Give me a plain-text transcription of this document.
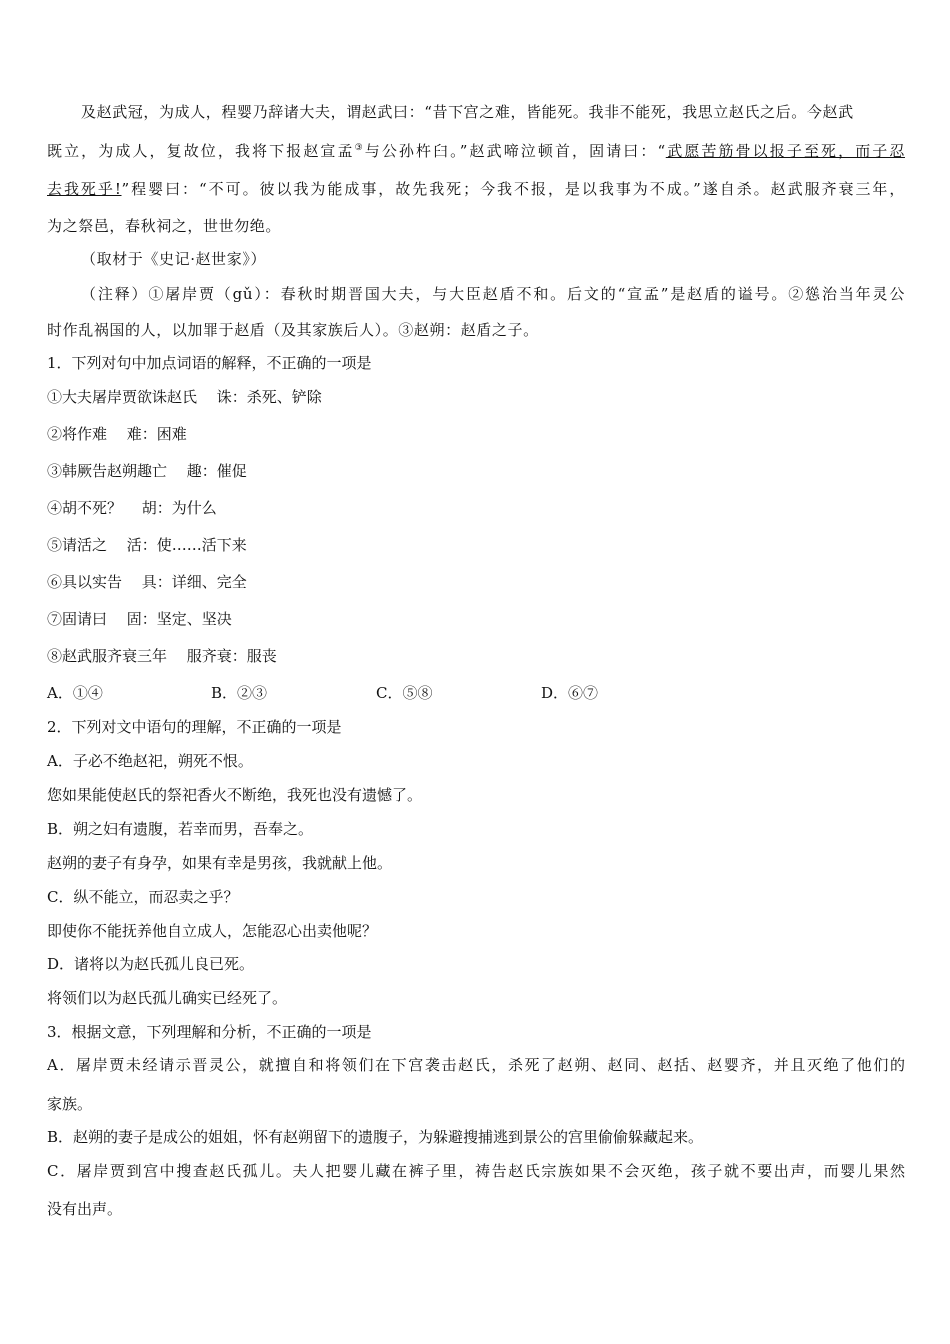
及赵武冠，为成人，程婴乃辞诸大夫，谓赵武曰：“昔下宫之难，皆能死。我非不能死，我思立赵氏之后。今赵武
既立，为成人，复故位，我将下报赵宣孟③与公孙杵臼。”赵武啼泣顿首，固请曰：“武愿苦筋骨以报子至死，而子忍
去我死乎!”程婴曰：“不可。彼以我为能成事，故先我死；今我不报，是以我事为不成。”遂自杀。赵武服齐衰三年，
为之祭邑，春秋祠之，世世勿绝。
（取材于《史记·赵世家》）
（注释）①屠岸贾（gǔ）：春秋时期晋国大夫，与大臣赵盾不和。后文的“宣孟”是赵盾的谥号。②慫治当年灵公
时作乱祸国的人，以加罪于赵盾（及其家族后人）。③赵朔：赵盾之子。
1．下列对句中加点词语的解释，不正确的一项是
①大夫屠岸贾欲诛赵氏　 诛：杀死、铲除
②将作难　 难：困难
③韩厥告赵朔趣亡　 趣：催促
④胡不死？　 胡：为什么
⑤请活之　 活：使……活下来
⑥具以实告　 具：详细、完全
⑦固请曰　 固：坚定、坚决
⑧赵武服齐衰三年　 服齐衰：服丧
A．①④	B．②③	C．⑤⑧	D．⑥⑦
2．下列对文中语句的理解，不正确的一项是
A．子必不绝赵祀，朔死不恨。
您如果能使赵氏的祭祀香火不断绝，我死也没有遗憾了。
B．朔之妇有遗腹，若幸而男，吾奉之。
赵朔的妻子有身孕，如果有幸是男孩，我就献上他。
C．纵不能立，而忍卖之乎？
即使你不能抚养他自立成人，怎能忍心出卖他呢？
D．诸将以为赵氏孤儿良已死。
将领们以为赵氏孤儿确实已经死了。
3．根据文意，下列理解和分析，不正确的一项是
A．屠岸贾未经请示晋灵公，就擅自和将领们在下宫袭击赵氏，杀死了赵朔、赵同、赵括、赵婴齐，并且灭绝了他们的
家族。
B．赵朔的妻子是成公的姐姐，怀有赵朔留下的遗腹子，为躲避搜捕逃到景公的宫里偷偷躲藏起来。
C．屠岸贾到宫中搜查赵氏孤儿。夫人把婴儿藏在裤子里，祷告赵氏宗族如果不会灭绝，孩子就不要出声，而婴儿果然
没有出声。
